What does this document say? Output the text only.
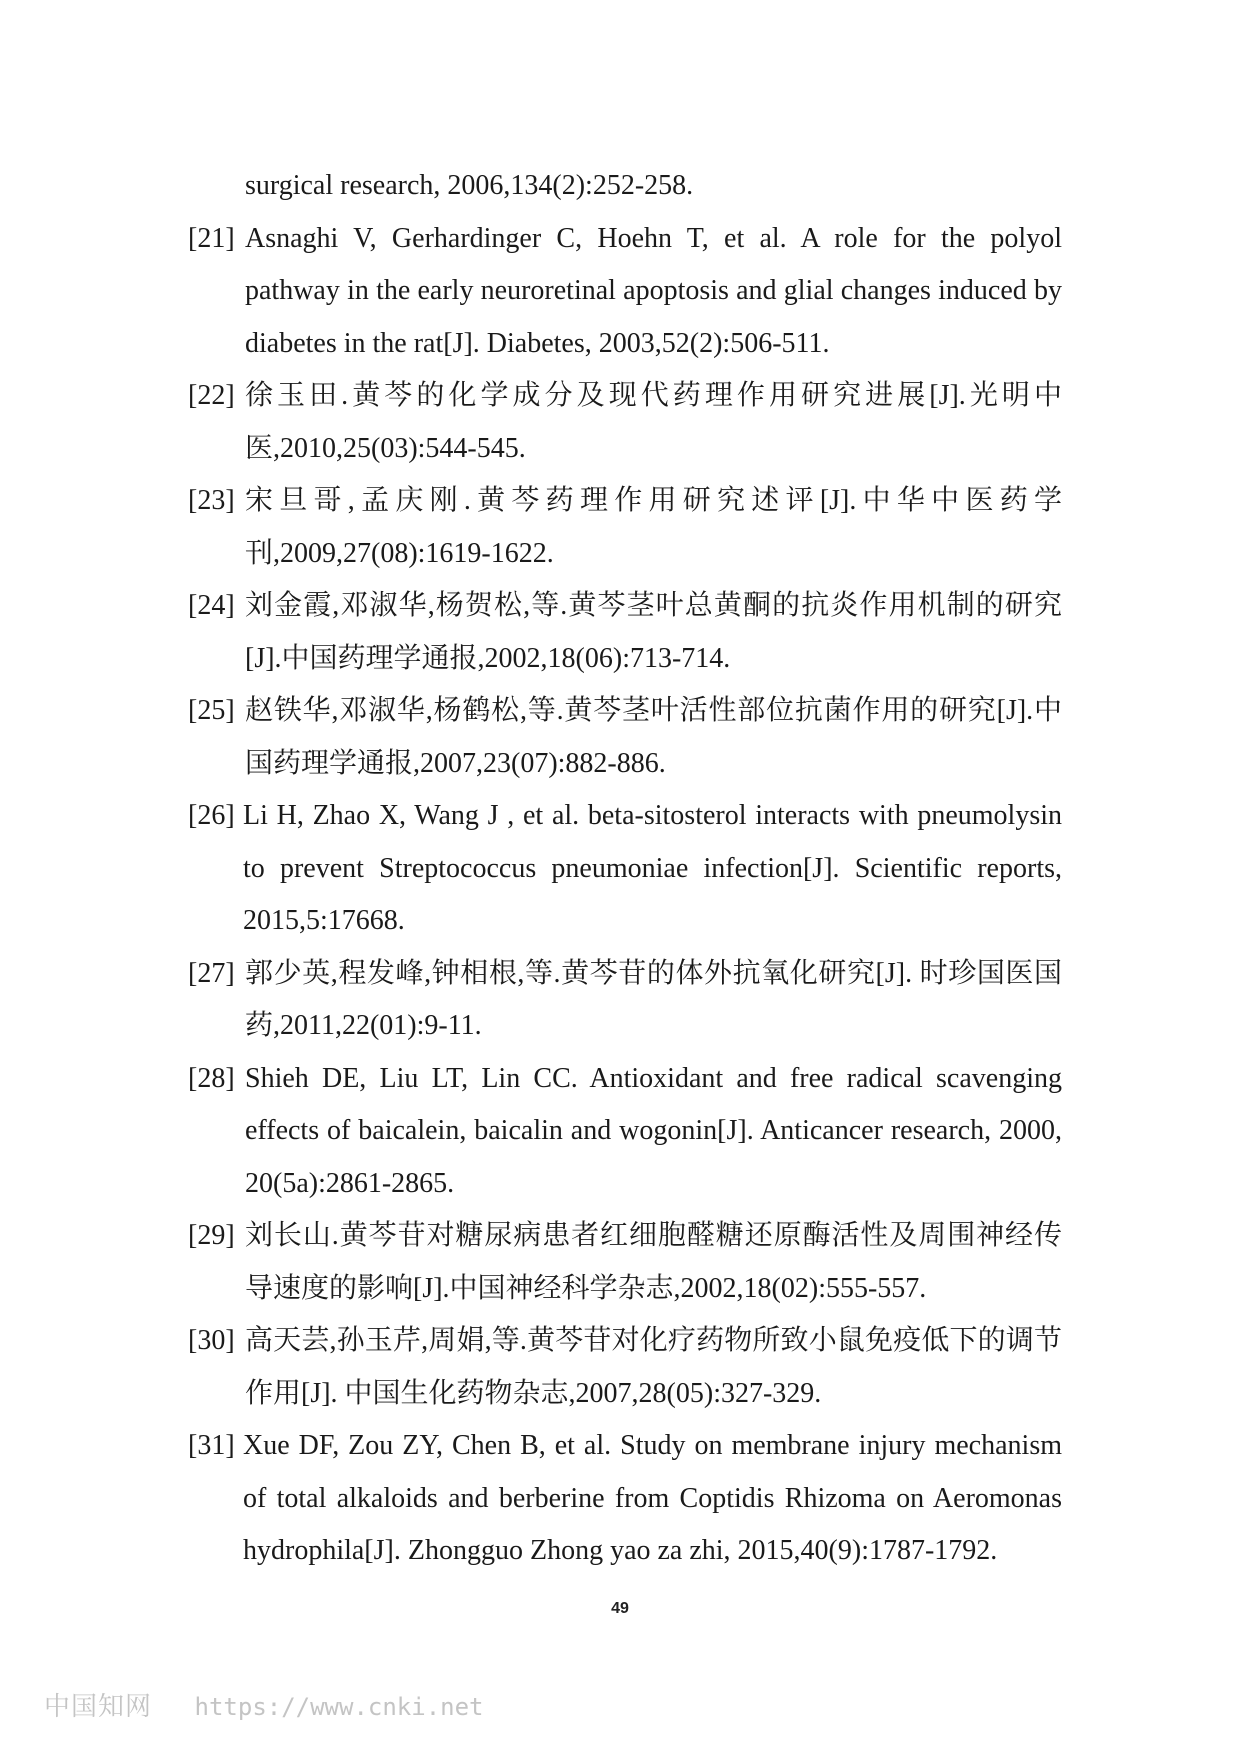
surgical research, 2006,134(2):252-258.
[21] Asnaghi V, Gerhardinger C, Hoehn T, et al. A role for the polyol pathway in the early neuroretinal apoptosis and glial changes induced by diabetes in the rat[J]. Diabetes, 2003,52(2):506-511.
[22] 徐玉田.黄芩的化学成分及现代药理作用研究进展[J].光明中医,2010,25(03):544-545.
[23] 宋旦哥,孟庆刚.黄芩药理作用研究述评[J].中华中医药学刊,2009,27(08):1619-1622.
[24] 刘金霞,邓淑华,杨贺松,等.黄芩茎叶总黄酮的抗炎作用机制的研究[J].中国药理学通报,2002,18(06):713-714.
[25] 赵铁华,邓淑华,杨鹤松,等.黄芩茎叶活性部位抗菌作用的研究[J].中国药理学通报,2007,23(07):882-886.
[26] Li H, Zhao X, Wang J , et al. beta-sitosterol interacts with pneumolysin to prevent Streptococcus pneumoniae infection[J]. Scientific reports, 2015,5:17668.
[27] 郭少英,程发峰,钟相根,等.黄芩苷的体外抗氧化研究[J]. 时珍国医国药,2011,22(01):9-11.
[28] Shieh DE, Liu LT, Lin CC. Antioxidant and free radical scavenging effects of baicalein, baicalin and wogonin[J]. Anticancer research, 2000, 20(5a):2861-2865.
[29] 刘长山.黄芩苷对糖尿病患者红细胞醛糖还原酶活性及周围神经传导速度的影响[J].中国神经科学杂志,2002,18(02):555-557.
[30] 高天芸,孙玉芹,周娟,等.黄芩苷对化疗药物所致小鼠免疫低下的调节作用[J]. 中国生化药物杂志,2007,28(05):327-329.
[31] Xue DF, Zou ZY, Chen B, et al. Study on membrane injury mechanism of total alkaloids and berberine from Coptidis Rhizoma on Aeromonas hydrophila[J]. Zhongguo Zhong yao za zhi, 2015,40(9):1787-1792.
49
中国知网 https://www.cnki.net
